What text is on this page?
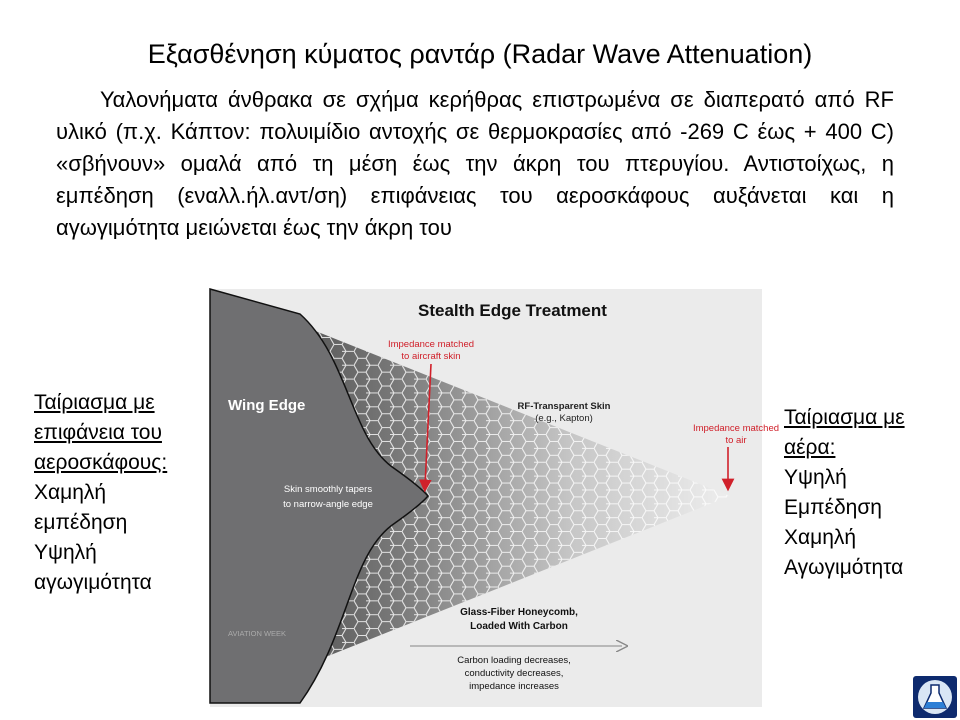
Εξασθένηση κύματος ραντάρ (Radar Wave Attenuation)
Υαλονήματα άνθρακα σε σχήμα κερήθρας επιστρωμένα σε διαπερατό από RF υλικό (π.χ. Κάπτον: πολυιμίδιο αντοχής σε θερμοκρασίες από -269 C έως + 400 C) «σβήνουν» ομαλά από τη μέση έως την άκρη του πτερυγίου. Αντιστοίχως, η εμπέδηση (εναλλ.ήλ.αντ/ση) επιφάνειας του αεροσκάφους αυξάνεται και η αγωγιμότητα μειώνεται έως την άκρη του
Ταίριασμα με
επιφάνεια του
αεροσκάφους:
Χαμηλή
εμπέδηση
Υψηλή
αγωγιμότητα
Ταίριασμα με
αέρα:
Υψηλή
Εμπέδηση
Χαμηλή
Αγωγιμότητα
Stealth Edge Treatment
Wing Edge
Impedance matched
to aircraft skin
Impedance matched
to air
RF-Transparent Skin
(e.g., Kapton)
Skin smoothly tapers
to narrow-angle edge
Glass-Fiber Honeycomb,
Loaded With Carbon
Carbon loading decreases,
conductivity decreases,
impedance increases
AVIATION WEEK
